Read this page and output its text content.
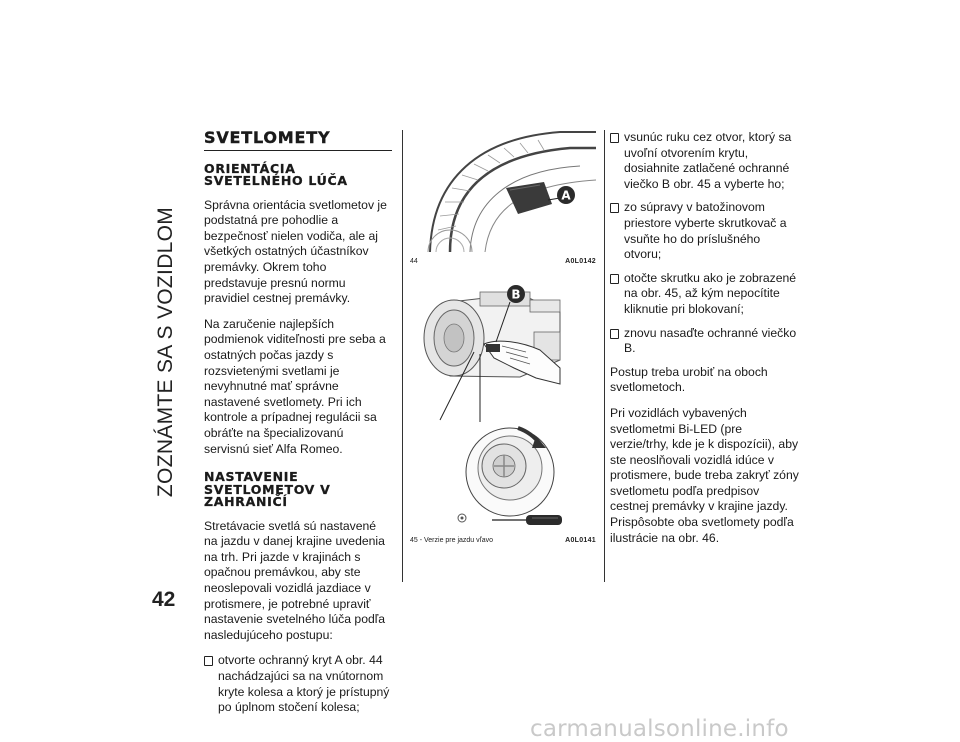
ZOZNÁMTE SA S VOZIDLOM
42
SVETLOMETY
ORIENTÁCIA
SVETELNÉHO LÚČA

Správna orientácia svetlometov je podstatná pre pohodlie a bezpečnosť nielen vodiča, ale aj všetkých ostatných účastníkov premávky. Okrem toho predstavuje presnú normu pravidiel cestnej premávky.

Na zaručenie najlepších podmienok viditeľnosti pre seba a ostatných počas jazdy s rozsvietenými svetlami je nevyhnutné mať správne nastavené svetlomety. Pri ich kontrole a prípadnej regulácii sa obráťte na špecializovanú servisnú sieť Alfa Romeo.

NASTAVENIE
SVETLOMETOV V
ZAHRANIČÍ

Stretávacie svetlá sú nastavené na jazdu v danej krajine uvedenia na trh. Pri jazde v krajinách s opačnou premávkou, aby ste neoslepovali vozidlá jazdiace v protismere, je potrebné upraviť nastavenie svetelného lúča podľa nasledujúceho postupu:

otvorte ochranný kryt A obr. 44 nachádzajúci sa na vnútornom kryte kolesa a ktorý je prístupný po úplnom stočení kolesa;
A
44	A0L0142
B
45 - Verzie pre jazdu vľavo	A0L0141
vsunúc ruku cez otvor, ktorý sa uvoľní otvorením krytu, dosiahnite zatlačené ochranné viečko B obr. 45 a vyberte ho;
zo súpravy v batožinovom priestore vyberte skrutkovač a vsuňte ho do príslušného otvoru;
otočte skrutku ako je zobrazené na obr. 45, až kým nepocítite kliknutie pri blokovaní;
znovu nasaďte ochranné viečko B.

Postup treba urobiť na oboch svetlometoch.

Pri vozidlách vybavených svetlometmi Bi-LED (pre verzie/trhy, kde je k dispozícii), aby ste neoslňovali vozidlá idúce v protismere, bude treba zakryť zóny svetlometu podľa predpisov cestnej premávky v krajine jazdy. Prispôsobte oba svetlomety podľa ilustrácie na obr. 46.

carmanualsonline.info
